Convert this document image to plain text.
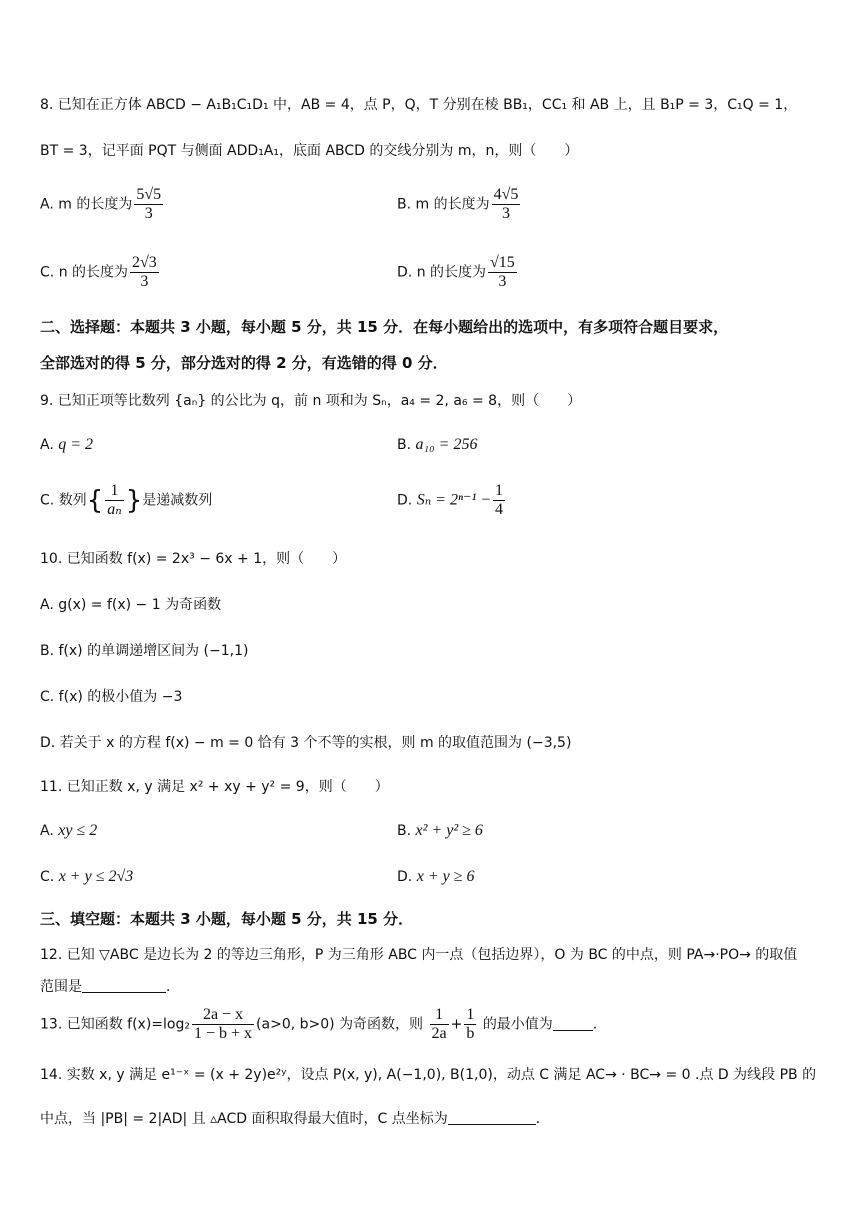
8. 已知在正方体 ABCD − A₁B₁C₁D₁ 中，AB = 4，点 P，Q，T 分别在棱 BB₁，CC₁ 和 AB 上，且 B₁P = 3，C₁Q = 1，
BT = 3，记平面 PQT 与侧面 ADD₁A₁，底面 ABCD 的交线分别为 m，n，则（　　）
A. m 的长度为 $\frac{5√5}{3}$	B. m 的长度为 $\frac{4√5}{3}$
C. n 的长度为 $\frac{2√3}{3}$	D. n 的长度为 $\frac{√15}{3}$
二、选择题：本题共 3 小题，每小题 5 分，共 15 分．在每小题给出的选项中，有多项符合题目要求，
全部选对的得 5 分，部分选对的得 2 分，有选错的得 0 分．
9. 已知正项等比数列 {aₙ} 的公比为 q，前 n 项和为 Sₙ，a₄ = 2, a₆ = 8，则（　　）
A. q = 2	B. a₁₀ = 256
C. 数列{ $\frac{1}{\text{aₙ}}$ }是递减数列	D. $S_n = 2^{n-1} - \frac{1}{4}$
10. 已知函数 f(x) = 2x³ − 6x + 1，则（　　）
A. g(x) = f(x) − 1 为奇函数
B. f(x) 的单调递增区间为 (−1,1)
C. f(x) 的极小值为 −3
D. 若关于 x 的方程 f(x) − m = 0 恰有 3 个不等的实根，则 m 的取值范围为 (−3,5)
11. 已知正数 x, y 满足 x² + xy + y² = 9，则（　　）
A. xy ≤ 2	B. x² + y² ≥ 6
C. x + y ≤ 2√3	D. x + y ≥ 6
三、填空题：本题共 3 小题，每小题 5 分，共 15 分．
12. 已知 ▽ABC 是边长为 2 的等边三角形，P 为三角形 ABC 内一点（包括边界），O 为 BC 的中点，则 PA→·PO→ 的取值
范围是	．
13. 已知函数 $f(x)=\log_2 \frac{2a - x}{1 - b + x} (a>0$, b>0) 为奇函数，则 $\frac{1}{2a} + \frac{1}{b}$ 的最小值为	．
14. 实数 x, y 满足 e¹⁻ˣ = (x + 2y)e²ʸ，设点 P(x, y), A(−1,0), B(1,0)，动点 C 满足 AC→ · BC→ = 0 .点 D 为线段 PB 的
中点，当 |PB| = 2|AD| 且 ▵ACD 面积取得最大值时，C 点坐标为	．
